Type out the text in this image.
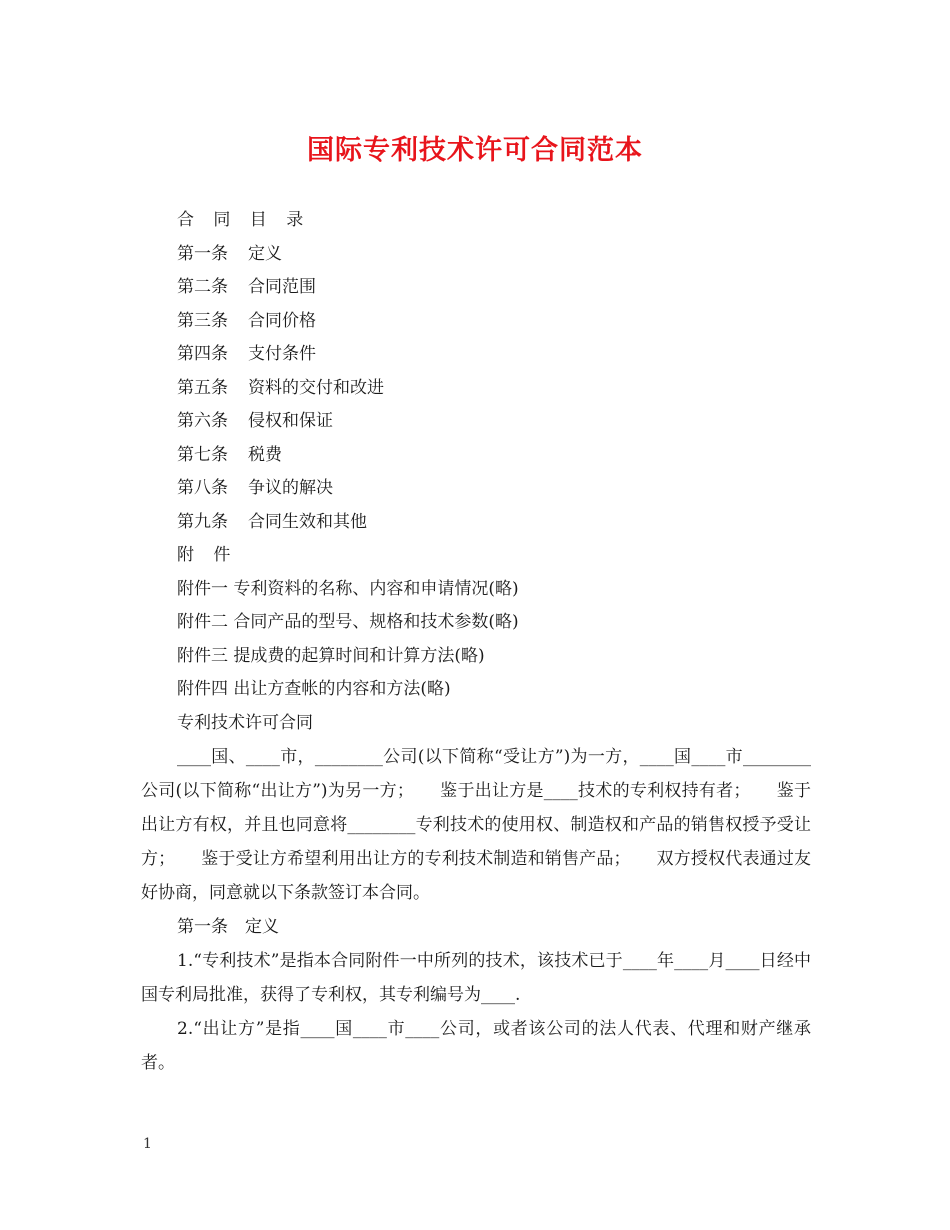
国际专利技术许可合同范本
合 同 目 录
第一条 定义
第二条 合同范围
第三条 合同价格
第四条 支付条件
第五条 资料的交付和改进
第六条 侵权和保证
第七条 税费
第八条 争议的解决
第九条 合同生效和其他
附 件
附件一 专利资料的名称、内容和申请情况(略)
附件二 合同产品的型号、规格和技术参数(略)
附件三 提成费的起算时间和计算方法(略)
附件四 出让方查帐的内容和方法(略)
专利技术许可合同

____国、____市，________公司(以下简称“受让方”)为一方，____国____市________公司(以下简称“出让方”)为另一方；　　鉴于出让方是____技术的专利权持有者；　　鉴于出让方有权，并且也同意将________专利技术的使用权、制造权和产品的销售权授予受让方；　　鉴于受让方希望利用出让方的专利技术制造和销售产品；　　双方授权代表通过友好协商，同意就以下条款签订本合同。

第一条　定义

1.“专利技术”是指本合同附件一中所列的技术，该技术已于____年____月____日经中国专利局批准，获得了专利权，其专利编号为____.

2.“出让方”是指____国____市____公司，或者该公司的法人代表、代理和财产继承者。

1
